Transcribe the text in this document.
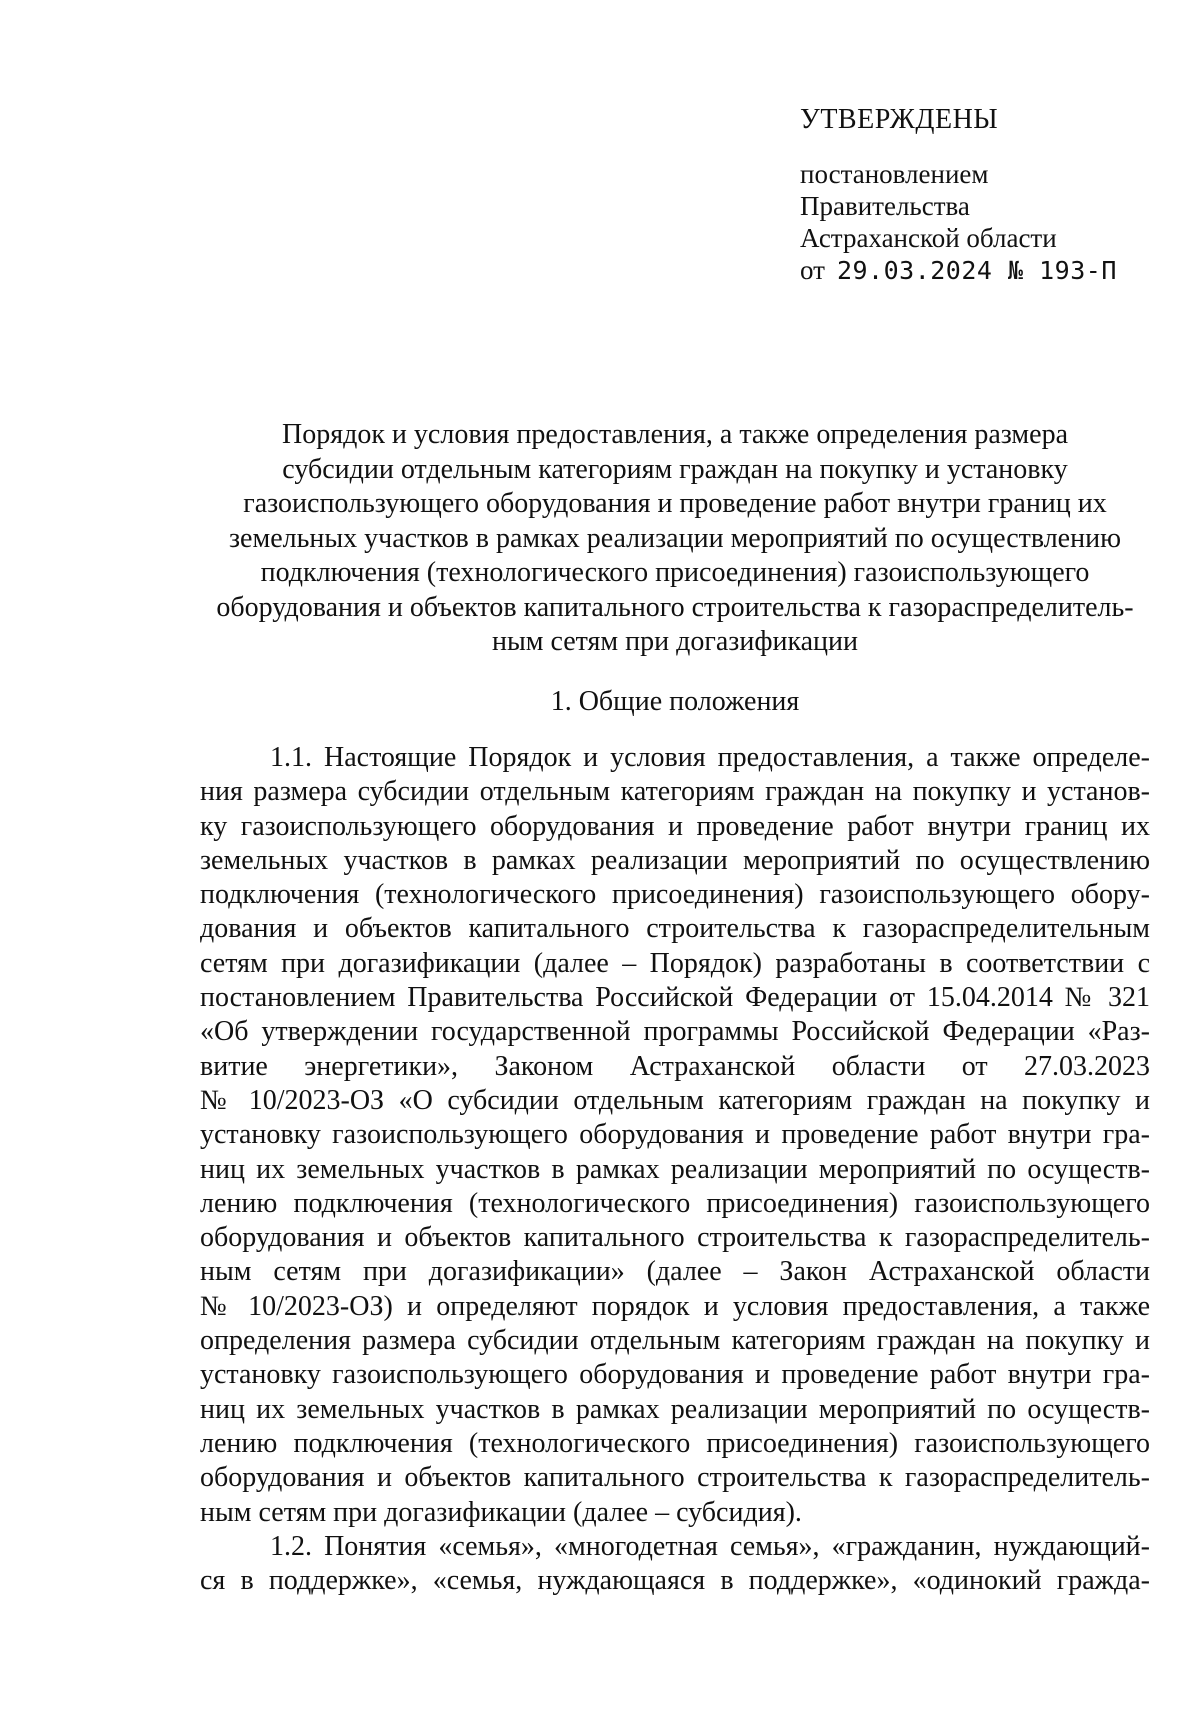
УТВЕРЖДЕНЫ
постановлением
Правительства
Астраханской области
от 29.03.2024 № 193-П
Порядок и условия предоставления, а также определения размера
субсидии отдельным категориям граждан на покупку и установку
газоиспользующего оборудования и проведение работ внутри границ их
земельных участков в рамках реализации мероприятий по осуществлению
подключения (технологического присоединения) газоиспользующего
оборудования и объектов капитального строительства к газораспределитель-
ным сетям при догазификации
1. Общие положения
1.1. Настоящие Порядок и условия предоставления, а также определе-
ния размера субсидии отдельным категориям граждан на покупку и установ-
ку газоиспользующего оборудования и проведение работ внутри границ их
земельных участков в рамках реализации мероприятий по осуществлению
подключения (технологического присоединения) газоиспользующего обору-
дования и объектов капитального строительства к газораспределительным
сетям при догазификации (далее – Порядок) разработаны в соответствии с
постановлением Правительства Российской Федерации от 15.04.2014 № 321
«Об утверждении государственной программы Российской Федерации «Раз-
витие энергетики», Законом Астраханской области от 27.03.2023
№ 10/2023-ОЗ «О субсидии отдельным категориям граждан на покупку и
установку газоиспользующего оборудования и проведение работ внутри гра-
ниц их земельных участков в рамках реализации мероприятий по осуществ-
лению подключения (технологического присоединения) газоиспользующего
оборудования и объектов капитального строительства к газораспределитель-
ным сетям при догазификации» (далее – Закон Астраханской области
№ 10/2023-ОЗ) и определяют порядок и условия предоставления, а также
определения размера субсидии отдельным категориям граждан на покупку и
установку газоиспользующего оборудования и проведение работ внутри гра-
ниц их земельных участков в рамках реализации мероприятий по осуществ-
лению подключения (технологического присоединения) газоиспользующего
оборудования и объектов капитального строительства к газораспределитель-
ным сетям при догазификации (далее – субсидия).
1.2. Понятия «семья», «многодетная семья», «гражданин, нуждающий-
ся в поддержке», «семья, нуждающаяся в поддержке», «одинокий гражда-
